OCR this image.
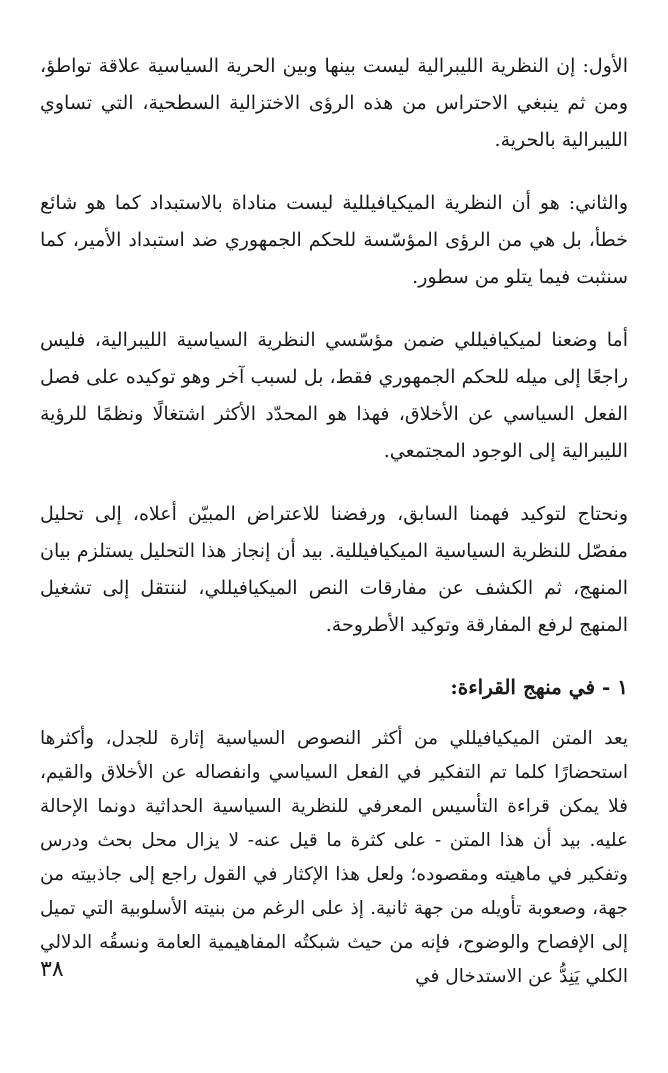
الأول: إن النظرية الليبرالية ليست بينها وبين الحرية السياسية علاقة تواطؤ، ومن ثم ينبغي الاحتراس من هذه الرؤى الاختزالية السطحية، التي تساوي الليبرالية بالحرية.

والثاني: هو أن النظرية الميكيافيللية ليست مناداة بالاستبداد كما هو شائع خطأ، بل هي من الرؤى المؤسّسة للحكم الجمهوري ضد استبداد الأمير، كما سنثبت فيما يتلو من سطور.

أما وضعنا لميكيافيللي ضمن مؤسّسي النظرية السياسية الليبرالية، فليس راجعًا إلى ميله للحكم الجمهوري فقط، بل لسبب آخر وهو توكيده على فصل الفعل السياسي عن الأخلاق، فهذا هو المحدّد الأكثر اشتغالًا ونظمًا للرؤية الليبرالية إلى الوجود المجتمعي.

ونحتاج لتوكيد فهمنا السابق، ورفضنا للاعتراض المبيّن أعلاه، إلى تحليل مفصّل للنظرية السياسية الميكيافيللية. بيد أن إنجاز هذا التحليل يستلزم بيان المنهج، ثم الكشف عن مفارقات النص الميكيافيللي، لننتقل إلى تشغيل المنهج لرفع المفارقة وتوكيد الأطروحة.

١ - في منهج القراءة:

يعد المتن الميكيافيللي من أكثر النصوص السياسية إثارة للجدل، وأكثرها استحضارًا كلما تم التفكير في الفعل السياسي وانفصاله عن الأخلاق والقيم، فلا يمكن قراءة التأسيس المعرفي للنظرية السياسية الحداثية دونما الإحالة عليه. بيد أن هذا المتن - على كثرة ما قيل عنه- لا يزال محل بحث ودرس وتفكير في ماهيته ومقصوده؛ ولعل هذا الإكثار في القول راجع إلى جاذبيته من جهة، وصعوبة تأويله من جهة ثانية. إذ على الرغم من بنيته الأسلوبية التي تميل إلى الإفصاح والوضوح، فإنه من حيث شبكتُه المفاهيمية العامة ونسقُه الدلالي الكلي يَنِدُّ عن الاستدخال في

٣٨
